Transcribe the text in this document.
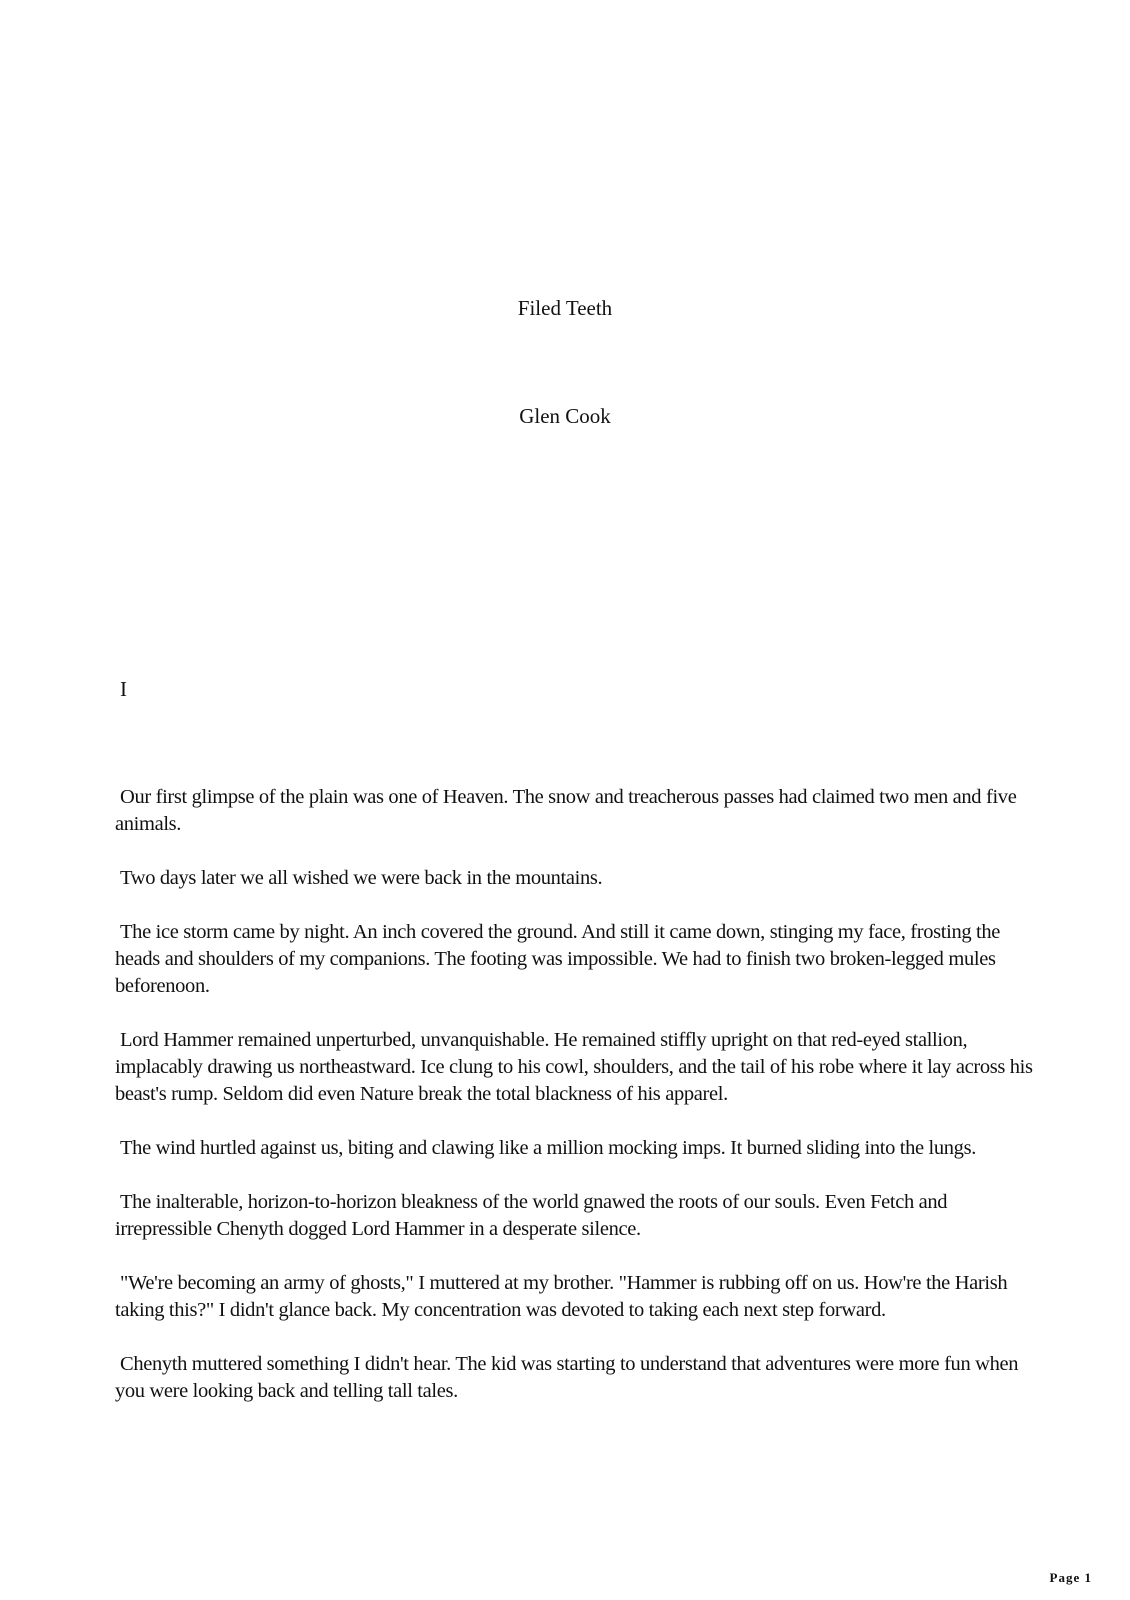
Filed Teeth
Glen Cook
I

Our first glimpse of the plain was one of Heaven. The snow and treacherous passes had claimed two men and five animals.

Two days later we all wished we were back in the mountains.

The ice storm came by night. An inch covered the ground. And still it came down, stinging my face, frosting the heads and shoulders of my companions. The footing was impossible. We had to finish two broken-legged mules beforenoon.

Lord Hammer remained unperturbed, unvanquishable. He remained stiffly upright on that red-eyed stallion, implacably drawing us northeastward. Ice clung to his cowl, shoulders, and the tail of his robe where it lay across his beast's rump. Seldom did even Nature break the total blackness of his apparel.

The wind hurtled against us, biting and clawing like a million mocking imps. It burned sliding into the lungs.

The inalterable, horizon-to-horizon bleakness of the world gnawed the roots of our souls. Even Fetch and irrepressible Chenyth dogged Lord Hammer in a desperate silence.

"We're becoming an army of ghosts," I muttered at my brother. "Hammer is rubbing off on us. How're the Harish taking this?" I didn't glance back. My concentration was devoted to taking each next step forward.

Chenyth muttered something I didn't hear. The kid was starting to understand that adventures were more fun when you were looking back and telling tall tales.

Page 1
